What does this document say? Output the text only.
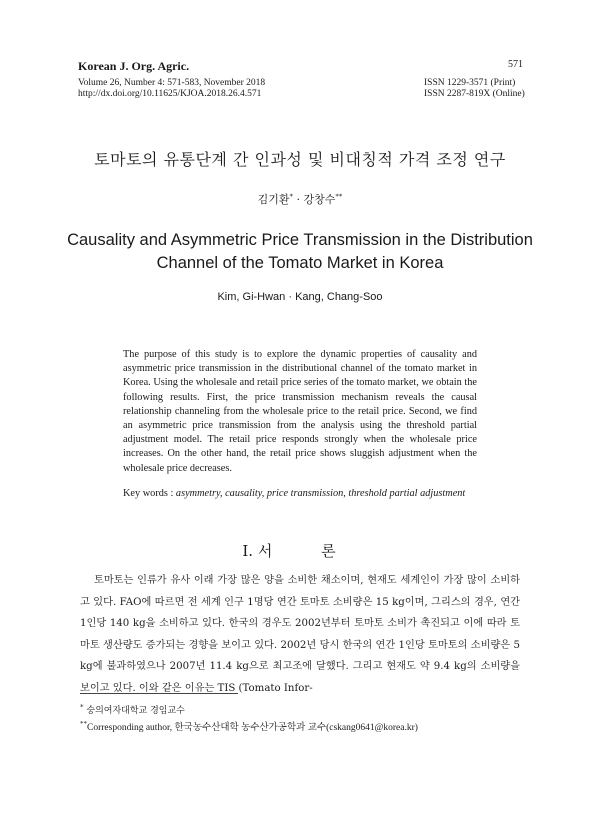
Korean J. Org. Agric.
Volume 26, Number 4: 571-583, November 2018
http://dx.doi.org/10.11625/KJOA.2018.26.4.571
ISSN 1229-3571 (Print)
ISSN 2287-819X (Online)
571
토마토의 유통단계 간 인과성 및 비대칭적 가격 조정 연구
김기환* · 강창수**
Causality and Asymmetric Price Transmission in the Distribution Channel of the Tomato Market in Korea
Kim, Gi-Hwan · Kang, Chang-Soo
The purpose of this study is to explore the dynamic properties of causality and asymmetric price transmission in the distributional channel of the tomato market in Korea. Using the wholesale and retail price series of the tomato market, we obtain the following results. First, the price transmission mechanism reveals the causal relationship channeling from the wholesale price to the retail price. Second, we find an asymmetric price transmission from the analysis using the threshold partial adjustment model. The retail price responds strongly when the wholesale price increases. On the other hand, the retail price shows sluggish adjustment when the wholesale price decreases.
Key words : asymmetry, causality, price transmission, threshold partial adjustment
Ⅰ. 서 론
토마토는 인류가 유사 이래 가장 많은 양을 소비한 채소이며, 현재도 세계인이 가장 많이 소비하고 있다. FAO에 따르면 전 세계 인구 1명당 연간 토마토 소비량은 15 kg이며, 그리스의 경우, 연간 1인당 140 kg을 소비하고 있다. 한국의 경우도 2002년부터 토마토 소비가 촉진되고 이에 따라 토마토 생산량도 증가되는 경향을 보이고 있다. 2002년 당시 한국의 연간 1인당 토마토의 소비량은 5 kg에 불과하였으나 2007년 11.4 kg으로 최고조에 달했다. 그리고 현재도 약 9.4 kg의 소비량을 보이고 있다. 이와 같은 이유는 TIS (Tomato Infor-
* 숭의여자대학교 경임교수
**Corresponding author, 한국농수산대학 농수산가공학과 교수(cskang0641@korea.kr)
